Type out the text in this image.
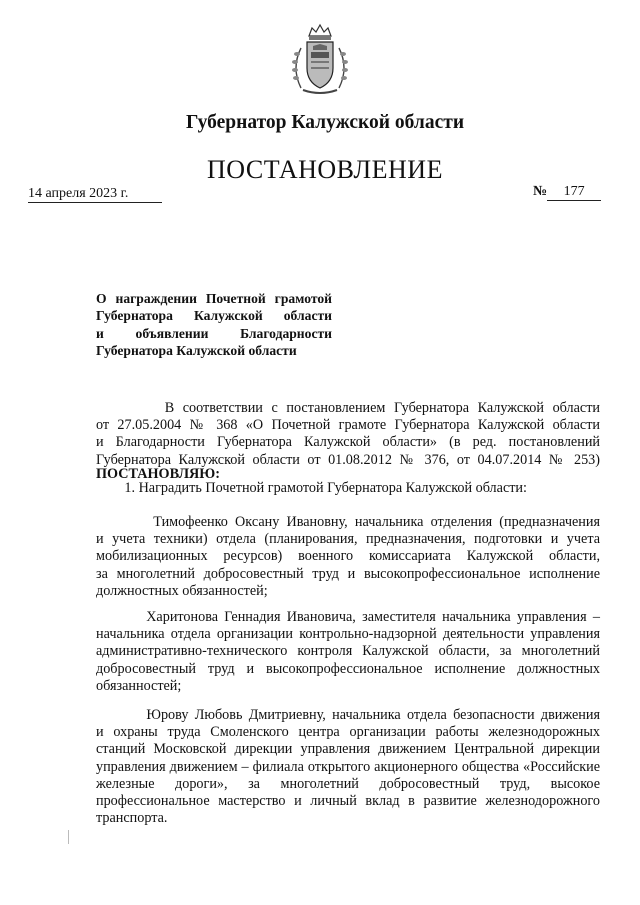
Губернатор Калужской области
ПОСТАНОВЛЕНИЕ
14 апреля 2023 г.	№ 177
О награждении Почетной грамотой
Губернатора Калужской области
и объявлении Благодарности
Губернатора Калужской области
В соответствии с постановлением Губернатора Калужской области
от 27.05.2004 № 368 «О Почетной грамоте Губернатора Калужской области
и Благодарности Губернатора Калужской области» (в ред. постановлений
Губернатора Калужской области от 01.08.2012 № 376, от 04.07.2014 № 253)
ПОСТАНОВЛЯЮ:
1. Наградить Почетной грамотой Губернатора Калужской области:
Тимофеенко Оксану Ивановну, начальника отделения (предназначения
и учета техники) отдела (планирования, предназначения, подготовки и учета
мобилизационных ресурсов) военного комиссариата Калужской области,
за многолетний добросовестный труд и высокопрофессиональное исполнение
должностных обязанностей;
Харитонова Геннадия Ивановича, заместителя начальника управления –
начальника отдела организации контрольно-надзорной деятельности управления
административно-технического контроля Калужской области, за многолетний
добросовестный труд и высокопрофессиональное исполнение должностных
обязанностей;
Юрову Любовь Дмитриевну, начальника отдела безопасности движения
и охраны труда Смоленского центра организации работы железнодорожных
станций Московской дирекции управления движением Центральной дирекции
управления движением – филиала открытого акционерного общества «Российские
железные дороги», за многолетний добросовестный труд, высокое
профессиональное мастерство и личный вклад в развитие железнодорожного
транспорта.
